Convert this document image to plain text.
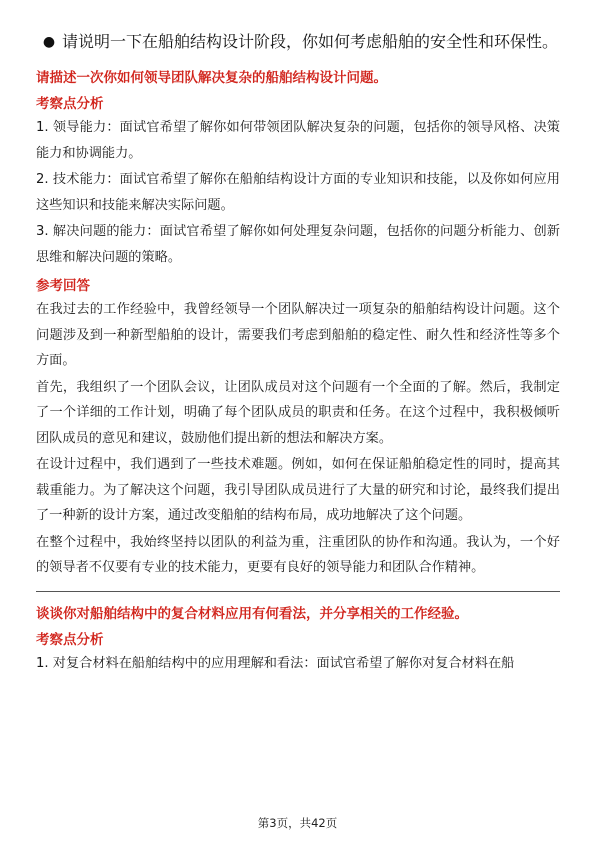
● 请说明一下在船舶结构设计阶段，你如何考虑船舶的安全性和环保性。
请描述一次你如何领导团队解决复杂的船舶结构设计问题。
考察点分析

1. 领导能力：面试官希望了解你如何带领团队解决复杂的问题，包括你的领导风格、决策能力和协调能力。

2. 技术能力：面试官希望了解你在船舶结构设计方面的专业知识和技能，以及你如何应用这些知识和技能来解决实际问题。

3. 解决问题的能力：面试官希望了解你如何处理复杂问题，包括你的问题分析能力、创新思维和解决问题的策略。

参考回答

在我过去的工作经验中，我曾经领导一个团队解决过一项复杂的船舶结构设计问题。这个问题涉及到一种新型船舶的设计，需要我们考虑到船舶的稳定性、耐久性和经济性等多个方面。

首先，我组织了一个团队会议，让团队成员对这个问题有一个全面的了解。然后，我制定了一个详细的工作计划，明确了每个团队成员的职责和任务。在这个过程中，我积极倾听团队成员的意见和建议，鼓励他们提出新的想法和解决方案。

在设计过程中，我们遇到了一些技术难题。例如，如何在保证船舶稳定性的同时，提高其载重能力。为了解决这个问题，我引导团队成员进行了大量的研究和讨论，最终我们提出了一种新的设计方案，通过改变船舶的结构布局，成功地解决了这个问题。

在整个过程中，我始终坚持以团队的利益为重，注重团队的协作和沟通。我认为，一个好的领导者不仅要有专业的技术能力，更要有良好的领导能力和团队合作精神。

谈谈你对船舶结构中的复合材料应用有何看法，并分享相关的工作经验。
考察点分析

1. 对复合材料在船舶结构中的应用理解和看法：面试官希望了解你对复合材料在船

第3页，共42页
